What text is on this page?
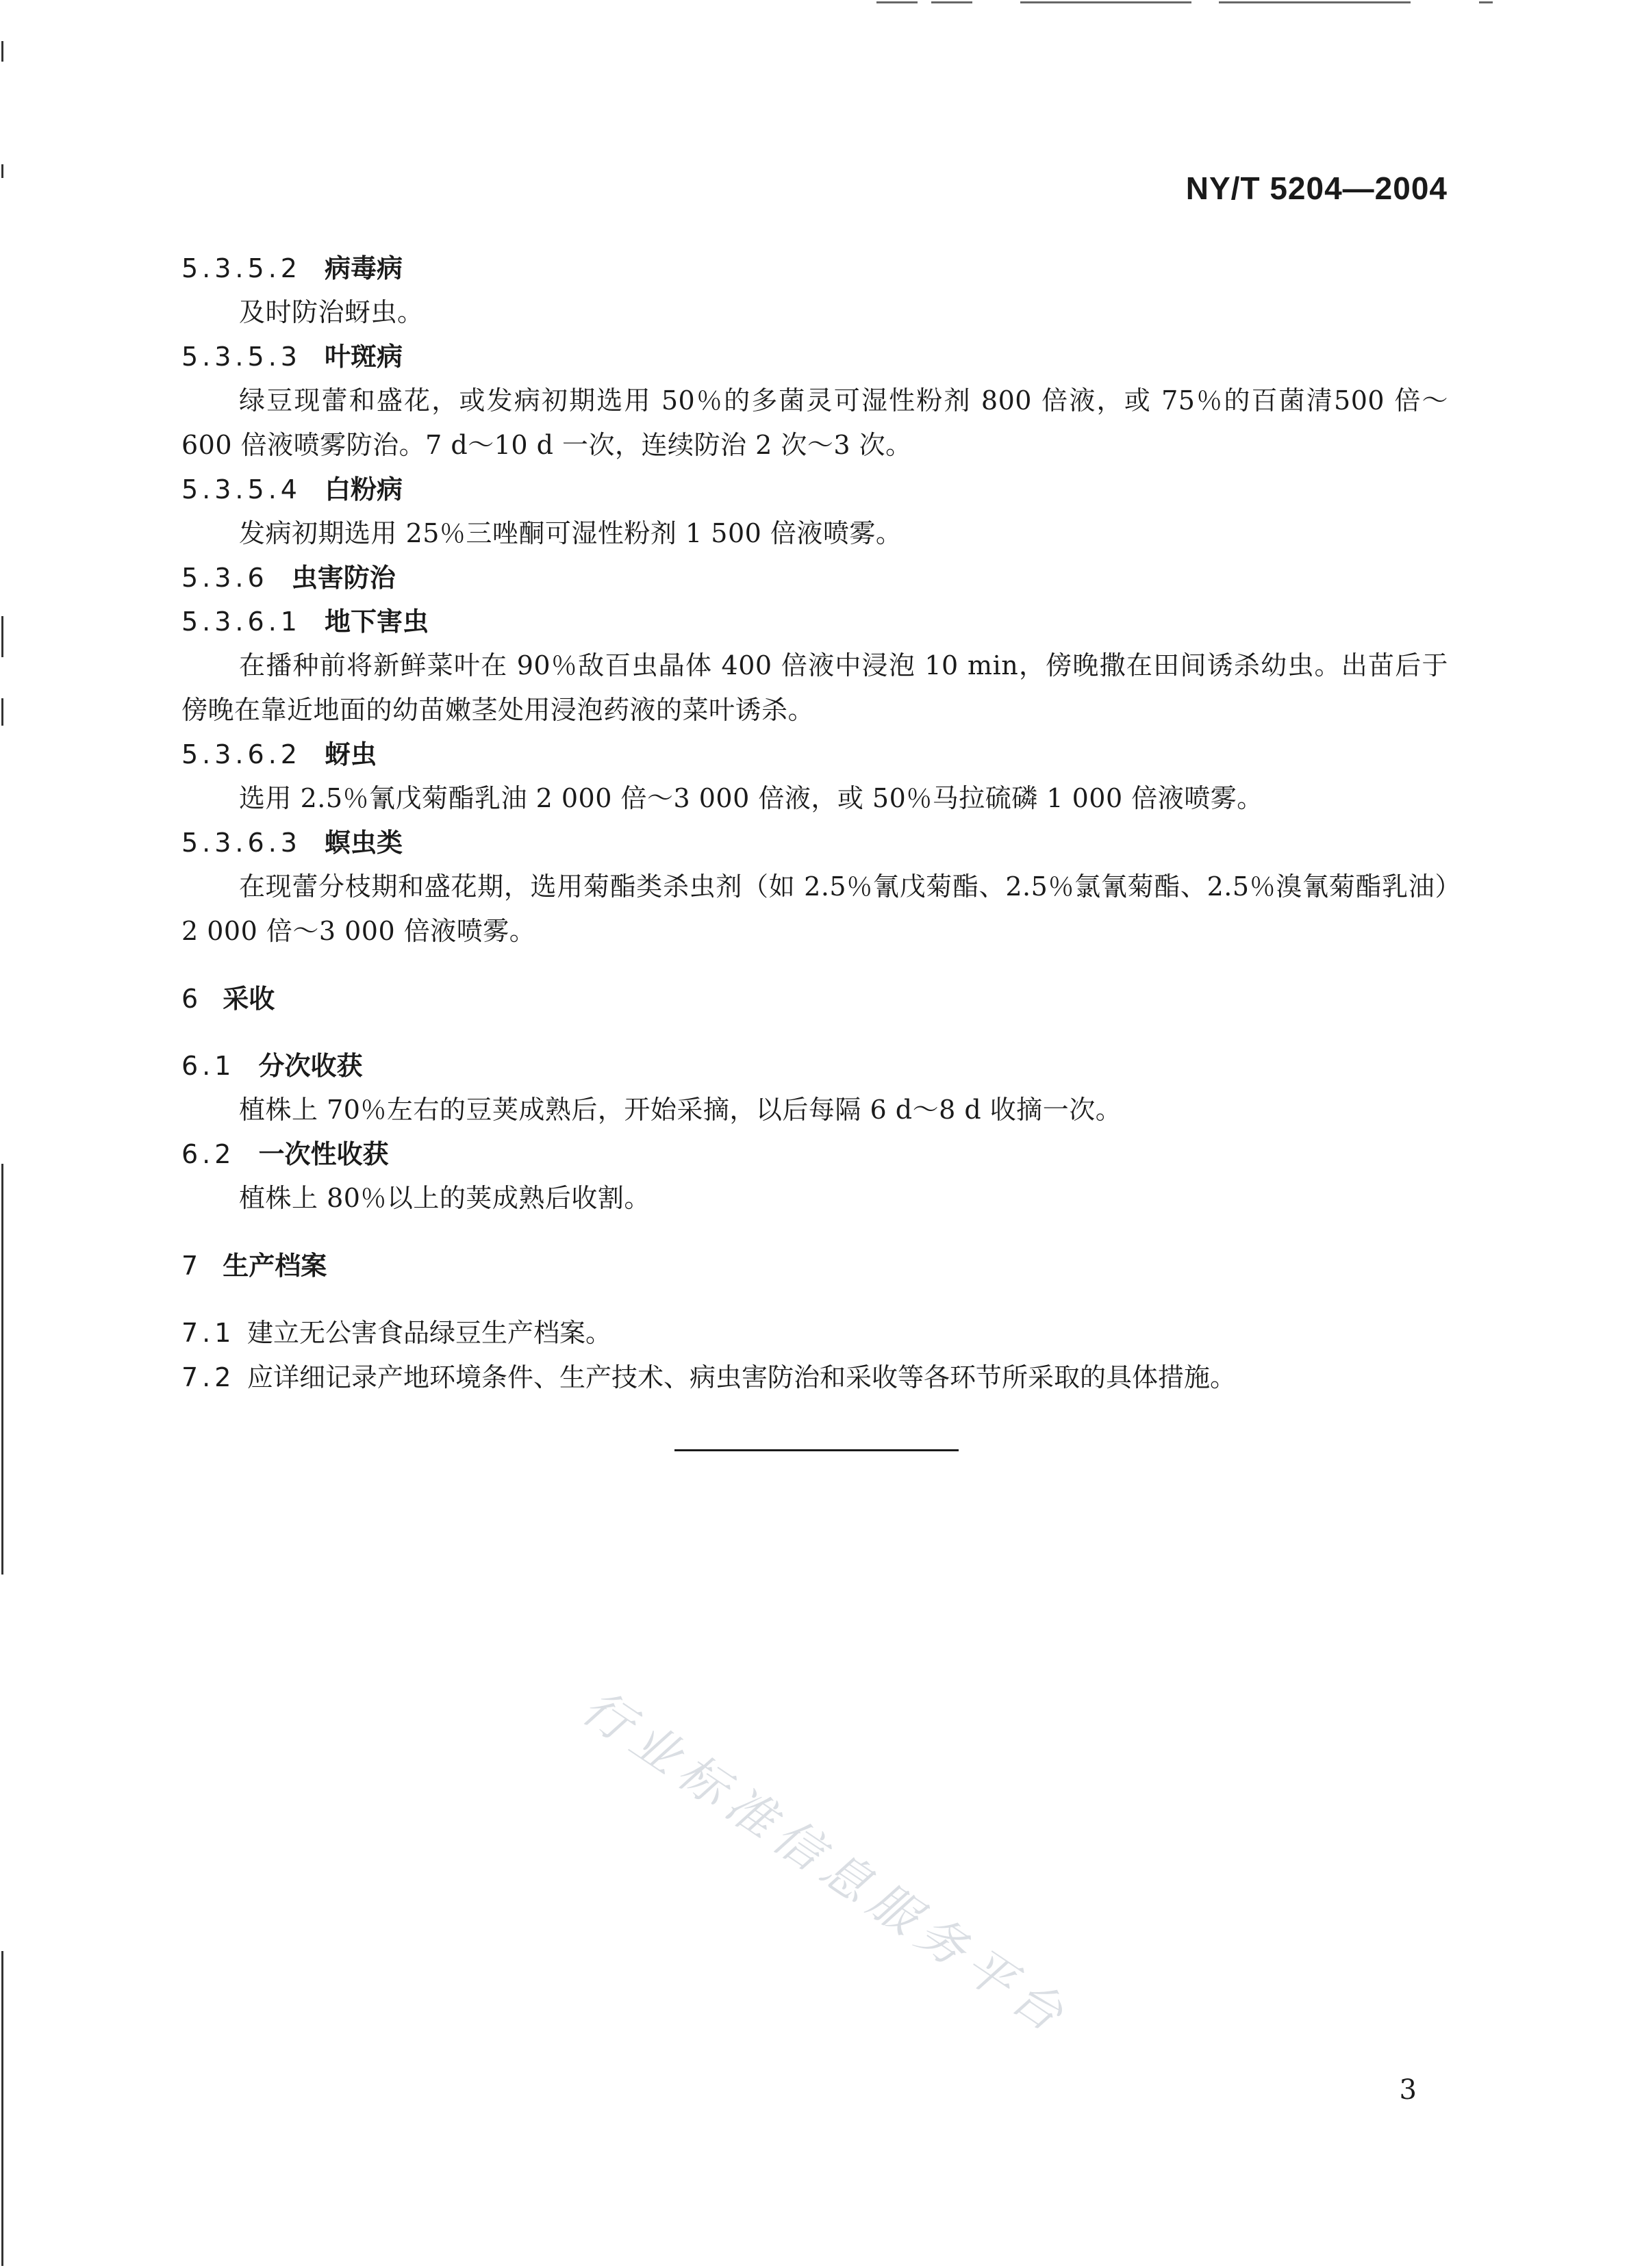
NY/T 5204—2004
5.3.5.2 病毒病
及时防治蚜虫。
5.3.5.3 叶斑病
绿豆现蕾和盛花，或发病初期选用 50％的多菌灵可湿性粉剂 800 倍液，或 75％的百菌清500 倍～600 倍液喷雾防治。7 d～10 d 一次，连续防治 2 次～3 次。
5.3.5.4 白粉病
发病初期选用 25％三唑酮可湿性粉剂 1 500 倍液喷雾。
5.3.6 虫害防治
5.3.6.1 地下害虫
在播种前将新鲜菜叶在 90％敌百虫晶体 400 倍液中浸泡 10 min，傍晚撒在田间诱杀幼虫。出苗后于傍晚在靠近地面的幼苗嫩茎处用浸泡药液的菜叶诱杀。
5.3.6.2 蚜虫
选用 2.5％氰戊菊酯乳油 2 000 倍～3 000 倍液，或 50％马拉硫磷 1 000 倍液喷雾。
5.3.6.3 螟虫类
在现蕾分枝期和盛花期，选用菊酯类杀虫剂（如 2.5％氰戊菊酯、2.5％氯氰菊酯、2.5％溴氰菊酯乳油）2 000 倍～3 000 倍液喷雾。
6 采收
6.1 分次收获
植株上 70％左右的豆荚成熟后，开始采摘，以后每隔 6 d～8 d 收摘一次。
6.2 一次性收获
植株上 80％以上的荚成熟后收割。
7 生产档案
7.1 建立无公害食品绿豆生产档案。
7.2 应详细记录产地环境条件、生产技术、病虫害防治和采收等各环节所采取的具体措施。
行业标准信息服务平台
3
